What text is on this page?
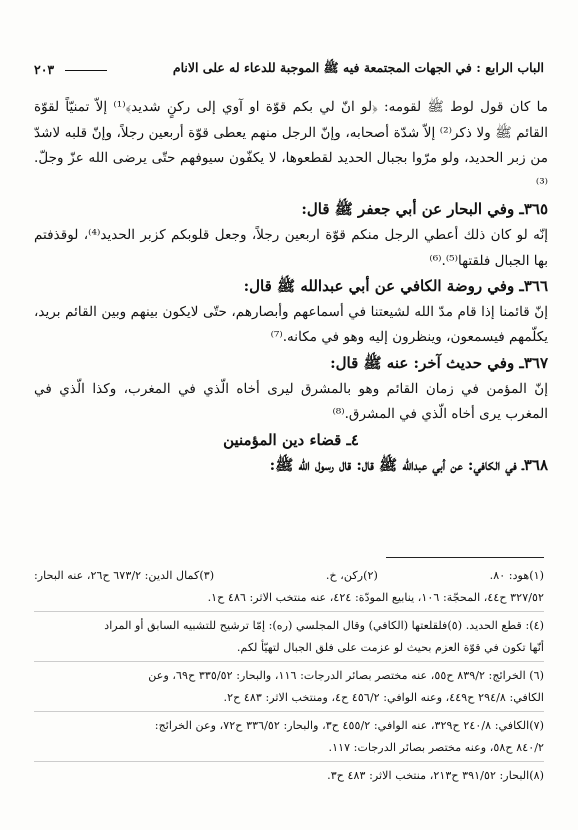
الباب الرابع : في الجهات المجتمعة فيه ﷺ الموجبة للدعاء له على الانام
٢٠٣

ما كان قول لوط ﷺ لقومه: ﴿لو انّ لي بكم قوّة او آوي إلى ركنٍ شديد﴾⁽¹⁾ إلاّ تمنيّاً لقوّة القائم ﷺ ولا ذكر⁽²⁾ إلاّ شدّة أصحابه، وإنّ الرجل منهم يعطى قوّة أربعين رجلاً، وإنّ قلبه لاشدّ من زبر الحديد، ولو مرّوا بجبال الحديد لقطعوها، لا يكفّون سيوفهم حتّى يرضى الله عزّ وجلّ.⁽³⁾

٣٦٥ـ وفي البحار عن أبي جعفر ﷺ قال:

إنّه لو كان ذلك أعطي الرجل منكم قوّة اربعين رجلاً، وجعل قلوبكم كزبر الحديد⁽⁴⁾، لوقذفتم بها الجبال فلقتها⁽⁵⁾.⁽⁶⁾

٣٦٦ـ وفي روضة الكافي عن أبي عبدالله ﷺ قال:

إنّ قائمنا إذا قام مدّ الله لشيعتنا في أسماعهم وأبصارهم، حتّى لايكون بينهم وبين القائم بريد، يكلّمهم فيسمعون، وينظرون إليه وهو في مكانه.⁽⁷⁾

٣٦٧ـ وفي حديث آخر: عنه ﷺ قال:

إنّ المؤمن في زمان القائم وهو بالمشرق ليرى أخاه الّذي في المغرب، وكذا الّذي في المغرب يرى أخاه الّذي في المشرق.⁽⁸⁾

٤ـ قضاء دين المؤمنين

٣٦٨ـ في الكافي: عن أبي عبدالله ﷺ قال: قال رسول الله ﷺ:

(١)هود: ٨٠.
(٢)ركن، خ.
(٣)كمال الدين: ٦٧٣/٢ ح٢٦، عنه البحار:

٣٢٧/٥٢ ح٤٤، المحجّة: ١٠٦، ينابيع المودّة: ٤٢٤، عنه منتخب الاثر: ٤٨٦ ح١.

(٤): قطع الحديد. (٥)فلقلعتها (الكافي) وقال المجلسي (ره): إمّا ترشيح للتشبيه السابق أو المراد

أنّها تكون في قوّة العزم بحيث لو عزمت على فلق الجبال لتهيّأ لكم.

(٦) الخرائج: ٨٣٩/٢ ح٥٥، عنه مختصر بصائر الدرجات: ١١٦، والبحار: ٣٣٥/٥٢ ح٦٩، وعن

الكافي: ٢٩٤/٨ ح٤٤٩، وعنه الوافي: ٤٥٦/٢ ح٤، ومنتخب الاثر: ٤٨٣ ح٢.

(٧)الكافي: ٢٤٠/٨ ح٣٢٩، عنه الوافي: ٤٥٥/٢ ح٣، والبحار: ٣٣٦/٥٢ ح٧٢، وعن الخرائج:

٨٤٠/٢ ح٥٨، وعنه مختصر بصائر الدرجات: ١١٧.

(٨)البحار: ٣٩١/٥٢ ح٢١٣، منتخب الاثر: ٤٨٣ ح٣.
